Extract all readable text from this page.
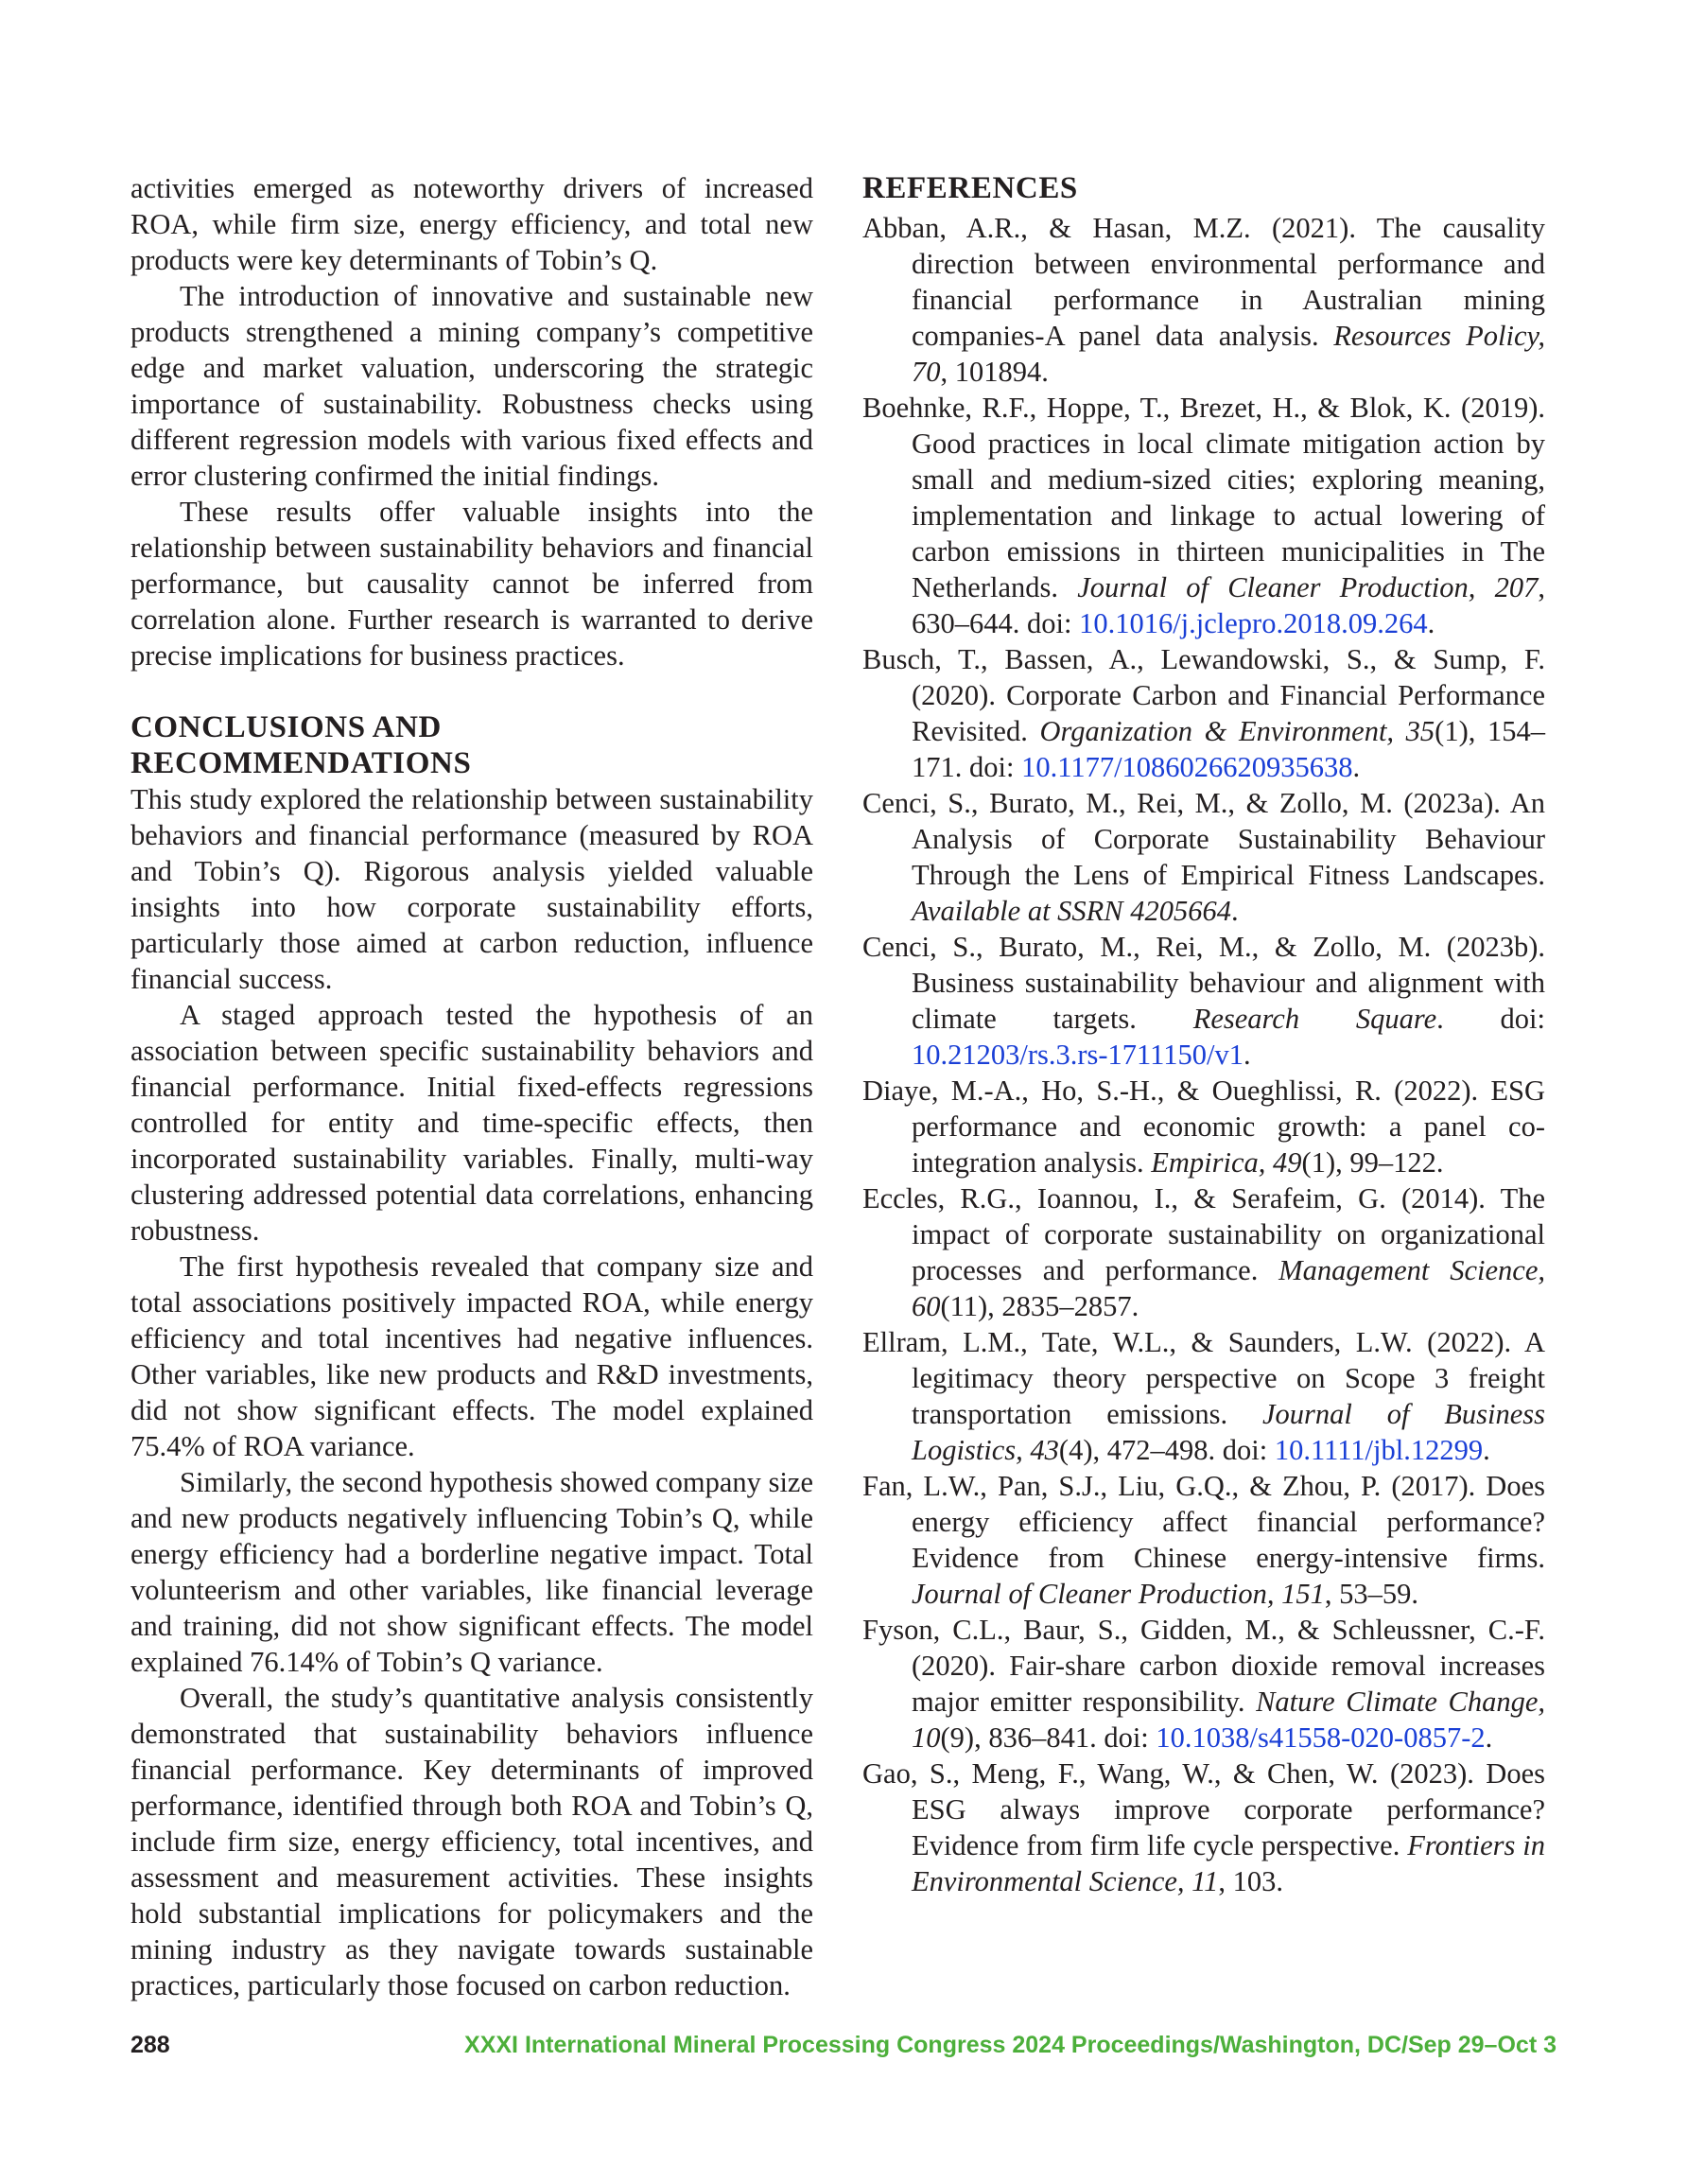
activities emerged as noteworthy drivers of increased ROA, while firm size, energy efficiency, and total new products were key determinants of Tobin’s Q.

The introduction of innovative and sustainable new products strengthened a mining company’s competitive edge and market valuation, underscoring the strategic importance of sustainability. Robustness checks using different regression models with various fixed effects and error clustering confirmed the initial findings.

These results offer valuable insights into the relationship between sustainability behaviors and financial performance, but causality cannot be inferred from correlation alone. Further research is warranted to derive precise implications for business practices.

CONCLUSIONS AND
RECOMMENDATIONS

This study explored the relationship between sustainability behaviors and financial performance (measured by ROA and Tobin’s Q). Rigorous analysis yielded valuable insights into how corporate sustainability efforts, particularly those aimed at carbon reduction, influence financial success.

A staged approach tested the hypothesis of an association between specific sustainability behaviors and financial performance. Initial fixed-effects regressions controlled for entity and time-specific effects, then incorporated sustainability variables. Finally, multi-way clustering addressed potential data correlations, enhancing robustness.

The first hypothesis revealed that company size and total associations positively impacted ROA, while energy efficiency and total incentives had negative influences. Other variables, like new products and R&D investments, did not show significant effects. The model explained 75.4% of ROA variance.

Similarly, the second hypothesis showed company size and new products negatively influencing Tobin’s Q, while energy efficiency had a borderline negative impact. Total volunteerism and other variables, like financial leverage and training, did not show significant effects. The model explained 76.14% of Tobin’s Q variance.

Overall, the study’s quantitative analysis consistently demonstrated that sustainability behaviors influence financial performance. Key determinants of improved performance, identified through both ROA and Tobin’s Q, include firm size, energy efficiency, total incentives, and assessment and measurement activities. These insights hold substantial implications for policymakers and the mining industry as they navigate towards sustainable practices, particularly those focused on carbon reduction.

REFERENCES

Abban, A.R., & Hasan, M.Z. (2021). The causality direction between environmental performance and financial performance in Australian mining companies-A panel data analysis. Resources Policy, 70, 101894.

Boehnke, R.F., Hoppe, T., Brezet, H., & Blok, K. (2019). Good practices in local climate mitigation action by small and medium-sized cities; exploring meaning, implementation and linkage to actual lowering of carbon emissions in thirteen municipalities in The Netherlands. Journal of Cleaner Production, 207, 630–644. doi: 10.1016/j.jclepro.2018.09.264.

Busch, T., Bassen, A., Lewandowski, S., & Sump, F. (2020). Corporate Carbon and Financial Performance Revisited. Organization & Environment, 35(1), 154–171. doi: 10.1177/1086026620935638.

Cenci, S., Burato, M., Rei, M., & Zollo, M. (2023a). An Analysis of Corporate Sustainability Behaviour Through the Lens of Empirical Fitness Landscapes. Available at SSRN 4205664.

Cenci, S., Burato, M., Rei, M., & Zollo, M. (2023b). Business sustainability behaviour and alignment with climate targets. Research Square. doi: 10.21203/rs.3.rs-1711150/v1.

Diaye, M.-A., Ho, S.-H., & Oueghlissi, R. (2022). ESG performance and economic growth: a panel co-integration analysis. Empirica, 49(1), 99–122.

Eccles, R.G., Ioannou, I., & Serafeim, G. (2014). The impact of corporate sustainability on organizational processes and performance. Management Science, 60(11), 2835–2857.

Ellram, L.M., Tate, W.L., & Saunders, L.W. (2022). A legitimacy theory perspective on Scope 3 freight transportation emissions. Journal of Business Logistics, 43(4), 472–498. doi: 10.1111/jbl.12299.

Fan, L.W., Pan, S.J., Liu, G.Q., & Zhou, P. (2017). Does energy efficiency affect financial performance? Evidence from Chinese energy-intensive firms. Journal of Cleaner Production, 151, 53–59.

Fyson, C.L., Baur, S., Gidden, M., & Schleussner, C.-F. (2020). Fair-share carbon dioxide removal increases major emitter responsibility. Nature Climate Change, 10(9), 836–841. doi: 10.1038/s41558-020-0857-2.

Gao, S., Meng, F., Wang, W., & Chen, W. (2023). Does ESG always improve corporate performance? Evidence from firm life cycle perspective. Frontiers in Environmental Science, 11, 103.

288	XXXI International Mineral Processing Congress 2024 Proceedings/Washington, DC/Sep 29–Oct 3
